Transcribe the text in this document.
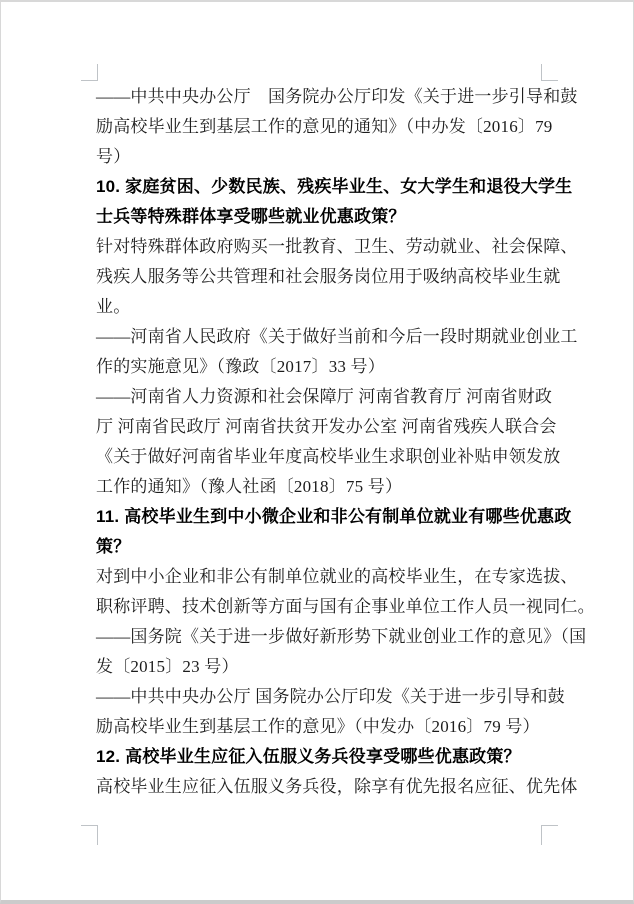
——中共中央办公厅　国务院办公厅印发《关于进一步引导和鼓
励高校毕业生到基层工作的意见的通知》（中办发〔2016〕79
号）
10. 家庭贫困、少数民族、残疾毕业生、女大学生和退役大学生
士兵等特殊群体享受哪些就业优惠政策？
针对特殊群体政府购买一批教育、卫生、劳动就业、社会保障、
残疾人服务等公共管理和社会服务岗位用于吸纳高校毕业生就
业。
——河南省人民政府《关于做好当前和今后一段时期就业创业工
作的实施意见》（豫政〔2017〕33 号）
——河南省人力资源和社会保障厅 河南省教育厅 河南省财政
厅 河南省民政厅 河南省扶贫开发办公室 河南省残疾人联合会
《关于做好河南省毕业年度高校毕业生求职创业补贴申领发放
工作的通知》（豫人社函〔2018〕75 号）
11. 高校毕业生到中小微企业和非公有制单位就业有哪些优惠政
策？
对到中小企业和非公有制单位就业的高校毕业生，在专家选拔、
职称评聘、技术创新等方面与国有企事业单位工作人员一视同仁。
——国务院《关于进一步做好新形势下就业创业工作的意见》（国
发〔2015〕23 号）
——中共中央办公厅 国务院办公厅印发《关于进一步引导和鼓
励高校毕业生到基层工作的意见》（中发办〔2016〕79 号）
12. 高校毕业生应征入伍服义务兵役享受哪些优惠政策？
高校毕业生应征入伍服义务兵役，除享有优先报名应征、优先体
